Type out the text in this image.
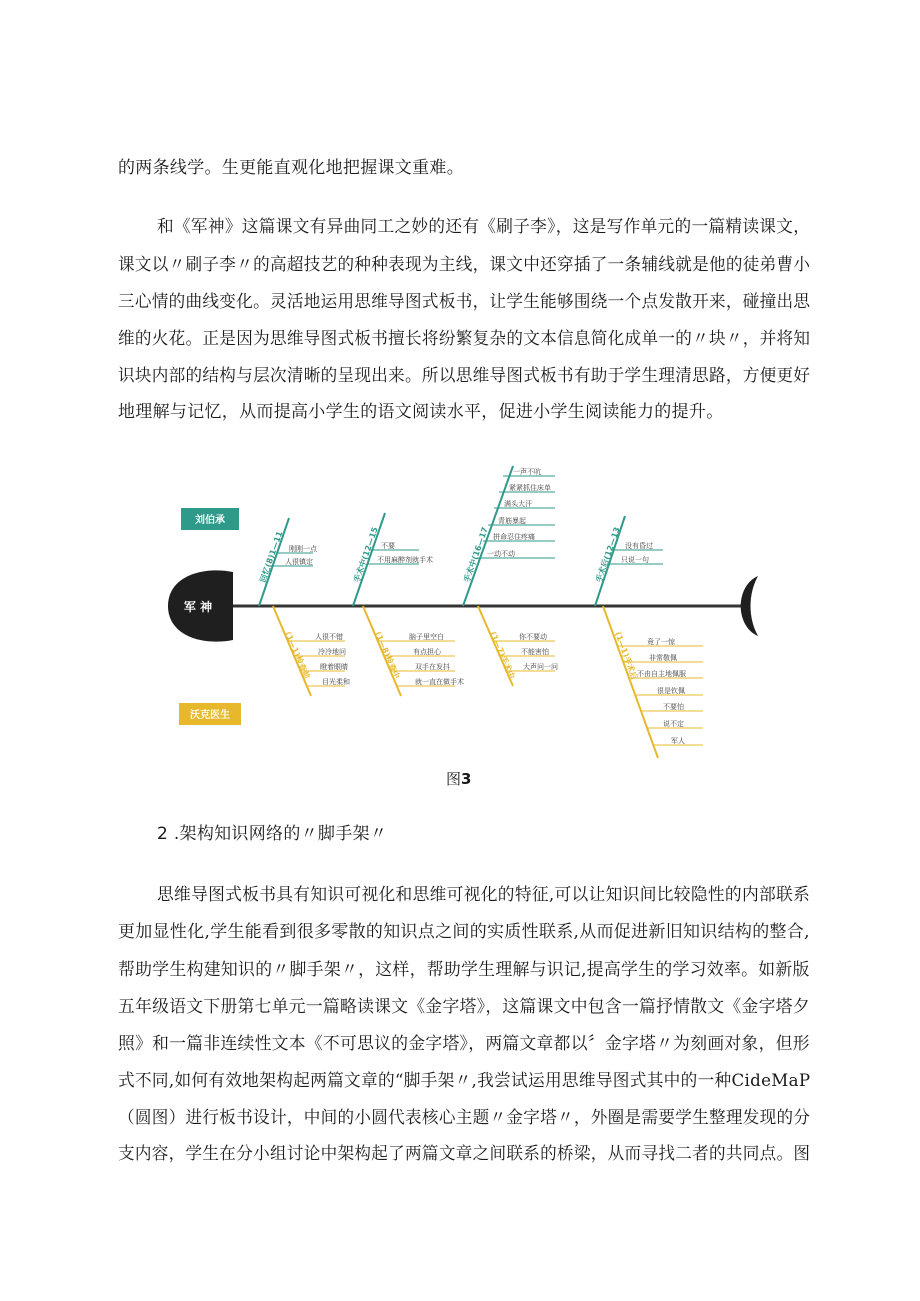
的两条线学。生更能直观化地把握课文重难。
和《军神》这篇课文有异曲同工之妙的还有《刷子李》，这是写作单元的一篇精读课文，
课文以〃刷子李〃的高超技艺的种种表现为主线，课文中还穿插了一条辅线就是他的徒弟曹小
三心情的曲线变化。灵活地运用思维导图式板书，让学生能够围绕一个点发散开来，碰撞出思
维的火花。正是因为思维导图式板书擅长将纷繁复杂的文本信息简化成单一的〃块〃，并将知
识块内部的结构与层次清晰的呈现出来。所以思维导图式板书有助于学生理清思路，方便更好
地理解与记忆，从而提高小学生的语文阅读水平，促进小学生阅读能力的提升。
军 神
刘伯承
沃克医生
回忆(8)1—11 刚刚一点
人很镇定	手术中(12—15 不要
不用麻醉剂就手术	手术中(16—17
一声不吭
紧紧抓住床单
满头大汗
青筋暴起
拼命忍住疼痛
一动不动	手术后(12—13 没有昏过
只说一句
(1—1)检查前 人很不错
冷冷地问
瞪着眼睛
目光柔和
(1—8)检查中 脑子里空白
有点担心
双手在发抖
就一直在做手术
(1—7)手术中 你不要动
不能害怕
大声问一问	(1—1)手术后 竟了一惊
非常敬佩
不由自主地佩服
很是钦佩
不要怕
说不定
军人
图3
2 .架构知识网络的〃脚手架〃
思维导图式板书具有知识可视化和思维可视化的特征,可以让知识间比较隐性的内部联系
更加显性化,学生能看到很多零散的知识点之间的实质性联系,从而促进新旧知识结构的整合,
帮助学生构建知识的〃脚手架〃，这样，帮助学生理解与识记,提高学生的学习效率。如新版
五年级语文下册第七单元一篇略读课文《金字塔》，这篇课文中包含一篇抒情散文《金字塔夕
照》和一篇非连续性文本《不可思议的金字塔》，两篇文章都以〞金字塔〃为刻画对象，但形
式不同,如何有效地架构起两篇文章的“脚手架〃,我尝试运用思维导图式其中的一种CideMaP
（圆图）进行板书设计，中间的小圆代表核心主题〃金字塔〃，外圈是需要学生整理发现的分
支内容，学生在分小组讨论中架构起了两篇文章之间联系的桥梁，从而寻找二者的共同点。图
